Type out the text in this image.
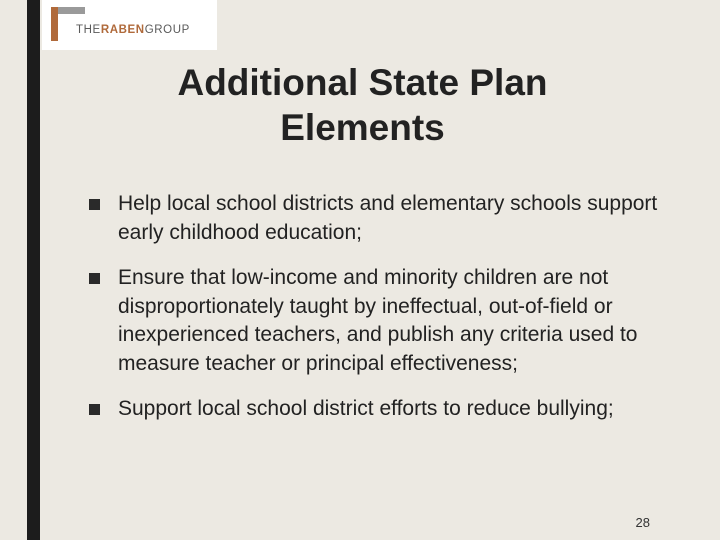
THERABENGROUP
Additional State Plan Elements
Help local school districts and elementary schools support early childhood education;
Ensure that low-income and minority children are not disproportionately taught by ineffectual, out-of-field or inexperienced teachers, and publish any criteria used to measure teacher or principal effectiveness;
Support local school district efforts to reduce bullying;
28
